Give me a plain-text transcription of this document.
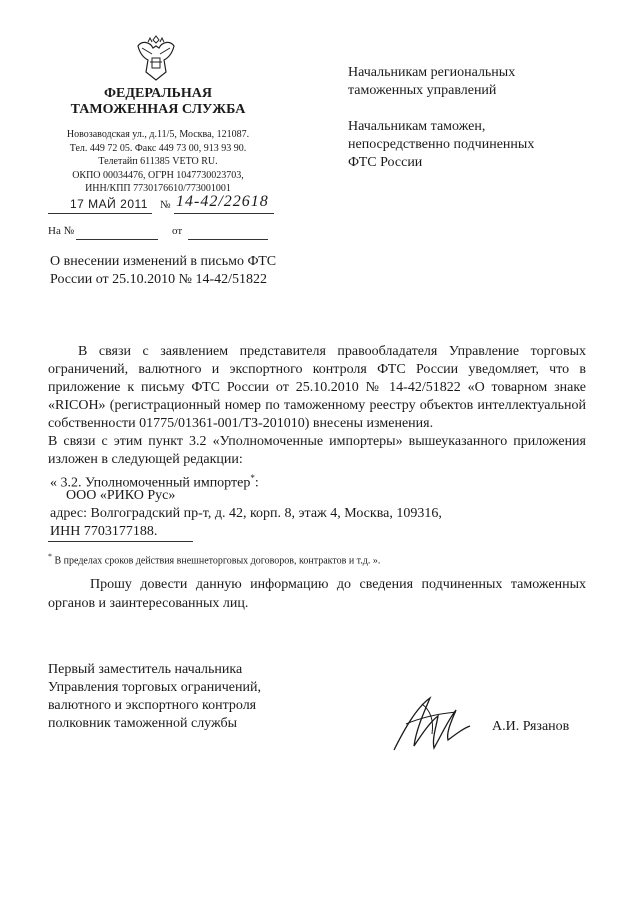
ФЕДЕРАЛЬНАЯ
ТАМОЖЕННАЯ СЛУЖБА
Новозаводская ул., д.11/5, Москва, 121087.
Тел. 449 72 05. Факс 449 73 00, 913 93 90.
Телетайп 611385 VETO RU.
ОКПО 00034476, ОГРН 1047730023703,
ИНН/КПП 7730176610/773001001
17 МАЙ 2011 № 14-42/22618
На №	от
Начальникам региональных
таможенных управлений
Начальникам таможен,
непосредственно подчиненных
ФТС России
О внесении изменений в письмо ФТС
России от 25.10.2010 № 14-42/51822

В связи с заявлением представителя правообладателя Управление торговых ограничений, валютного и экспортного контроля ФТС России уведомляет, что в приложение к письму ФТС России от 25.10.2010 № 14-42/51822 «О товарном знаке «RICOH» (регистрационный номер по таможенному реестру объектов интеллектуальной собственности 01775/01361-001/ТЗ-201010) внесены изменения.

В связи с этим пункт 3.2 «Уполномоченные импортеры» вышеуказанного приложения изложен в следующей редакции:

« 3.2. Уполномоченный импортер*:
ООО «РИКО Рус»
адрес: Волгоградский пр-т, д. 42, корп. 8, этаж 4, Москва, 109316,
ИНН 7703177188.
* В пределах сроков действия внешнеторговых договоров, контрактов и т.д. ».

Прошу довести данную информацию до сведения подчиненных таможенных органов и заинтересованных лиц.

Первый заместитель начальника
Управления торговых ограничений,
валютного и экспортного контроля
полковник таможенной службы	А.И. Рязанов
